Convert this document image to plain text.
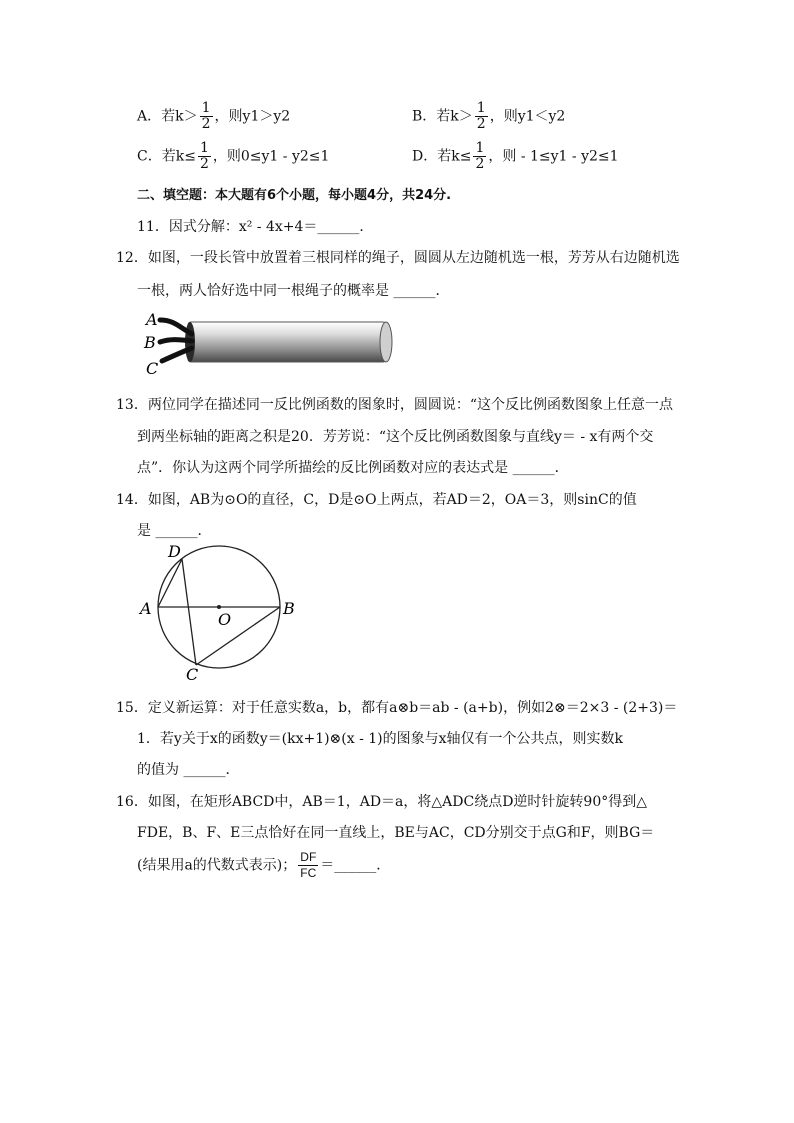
A．若$k> \frac{1}{2}$ ，则y1＞y2	B．若$k> \frac{1}{2}$ ，则y1＜y2
C．若$k\le \frac{1}{2}$ ，则0≤y1 - y2≤1	D．若$k\le \frac{1}{2}$ ，则 - 1≤y1 - y2≤1
二、填空题：本大题有6个小题，每小题4分，共24分.
11．因式分解：x² - 4x+4＝______．
12．如图，一段长管中放置着三根同样的绳子，圆圆从左边随机选一根，芳芳从右边随机选
一根，两人恰好选中同一根绳子的概率是 ______．
A
B
C
13．两位同学在描述同一反比例函数的图象时，圆圆说：“这个反比例函数图象上任意一点
到两坐标轴的距离之积是20．芳芳说：“这个反比例函数图象与直线y＝ - x有两个交
点”．你认为这两个同学所描绘的反比例函数对应的表达式是 ______．
14．如图，AB为⊙O的直径，C，D是⊙O上两点，若AD＝2，OA＝3，则sinC的值
是 ______．
A	B
C
D
O
15．定义新运算：对于任意实数a，b，都有a⊗b＝ab - (a+b)，例如2⊗＝2×3 - (2+3)＝
1．若y关于x的函数y＝(kx+1)⊗(x - 1)的图象与x轴仅有一个公共点，则实数k
的值为 ______．
16．如图，在矩形ABCD中，AB＝1，AD＝a，将△ADC绕点D逆时针旋转90°得到△
FDE，B、F、E三点恰好在同一直线上，BE与AC，CD分别交于点G和F，则BG＝
(结果用a的代数式表示)； $\frac{DF}{FC}$ ＝______．
